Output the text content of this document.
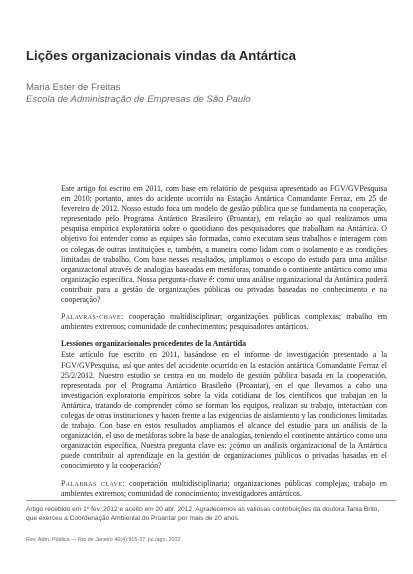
Lições organizacionais vindas da Antártica

Maria Ester de Freitas

Escola de Administração de Empresas de São Paulo

Este artigo foi escrito em 2011, com base em relatório de pesquisa apresentado ao FGV/GVPesquisa em 2010; portanto, antes do acidente ocorrido na Estação Antártica Comandante Ferraz, em 25 de fevereiro de 2012. Nosso estudo foca um modelo de gestão pública que se fundamenta na cooperação, representado pelo Programa Antártico Brasileiro (Proantar), em relação ao qual realizamos uma pesquisa empírica exploratória sobre o quotidiano dos pesquisadores que trabalham na Antártica. O objetivo foi entender como as equipes são formadas, como executam seus trabalhos e interagem com os colegas de outras instituições e, também, a maneira como lidam com o isolamento e as condições limitadas de trabalho. Com base nesses resultados, ampliamos o escopo do estudo para uma análise organizacional através de analogias baseadas em metáforas, tomando o continente antártico como uma organização específica. Nossa pergunta-chave é: como uma análise organizacional da Antártica poderá contribuir para a gestão de organizações públicas ou privadas baseadas no conhecimento e na cooperação?

Palavras-chave: cooperação multidisciplinar; organizações públicas complexas; trabalho em ambientes extremos; comunidade de conhecimentos; pesquisadores antárticos.

Lessiones organizacionales procedentes de la Antártida

Este artículo fue escrito en 2011, basándose en el informe de investigación presentado a la FGV/GVPesquisa, así que antes del accidente ocurrido en la estación antártica Comandante Ferraz el 25/2/2012. Nuestro estudio se centra en un modelo de gestión pública basada en la cooperación, representada por el Programa Antártico Brasileño (Proantar), en el que llevamos a cabo una investigación exploratoria empíricos sobre la vida cotidiana de los científicos que trabajan en la Antártica, tratando de comprender cómo se forman los equipos, realizan su trabajo, interactúan con colegas de otras instituciones y hacen frente a las exigencias de aislamiento y las condiciones limitadas de trabajo. Con base en estos resultados ampliamos el alcance del estudio para un análisis de la organización, el uso de metáforas sobre la base de analogías, teniendo el continente antártico como una organización específica. Nuestra pregunta clave es: ¿cómo un análisis organizacional de la Antártica puede contribuir al aprendizaje en la gestión de organizaciones públicos o privadas basadas en el conocimiento y la cooperación?

Palabras clave: cooperación multidisciplinaria; organizaciones públicas complejas; trabajo en ambientes extremos; comunidad de conocimiento; investigadores antárticos.

Artigo recebido em 1º fev. 2012 e aceito em 20 abr. 2012. Agradecemos as valiosas contribuições da doutora Tania Brito, que exerceu a Coordenação Ambiental do Proantar por mais de 20 anos.

Rev. Adm. Pública — Rio de Janeiro 46(4):915-37, jul./ago. 2012
